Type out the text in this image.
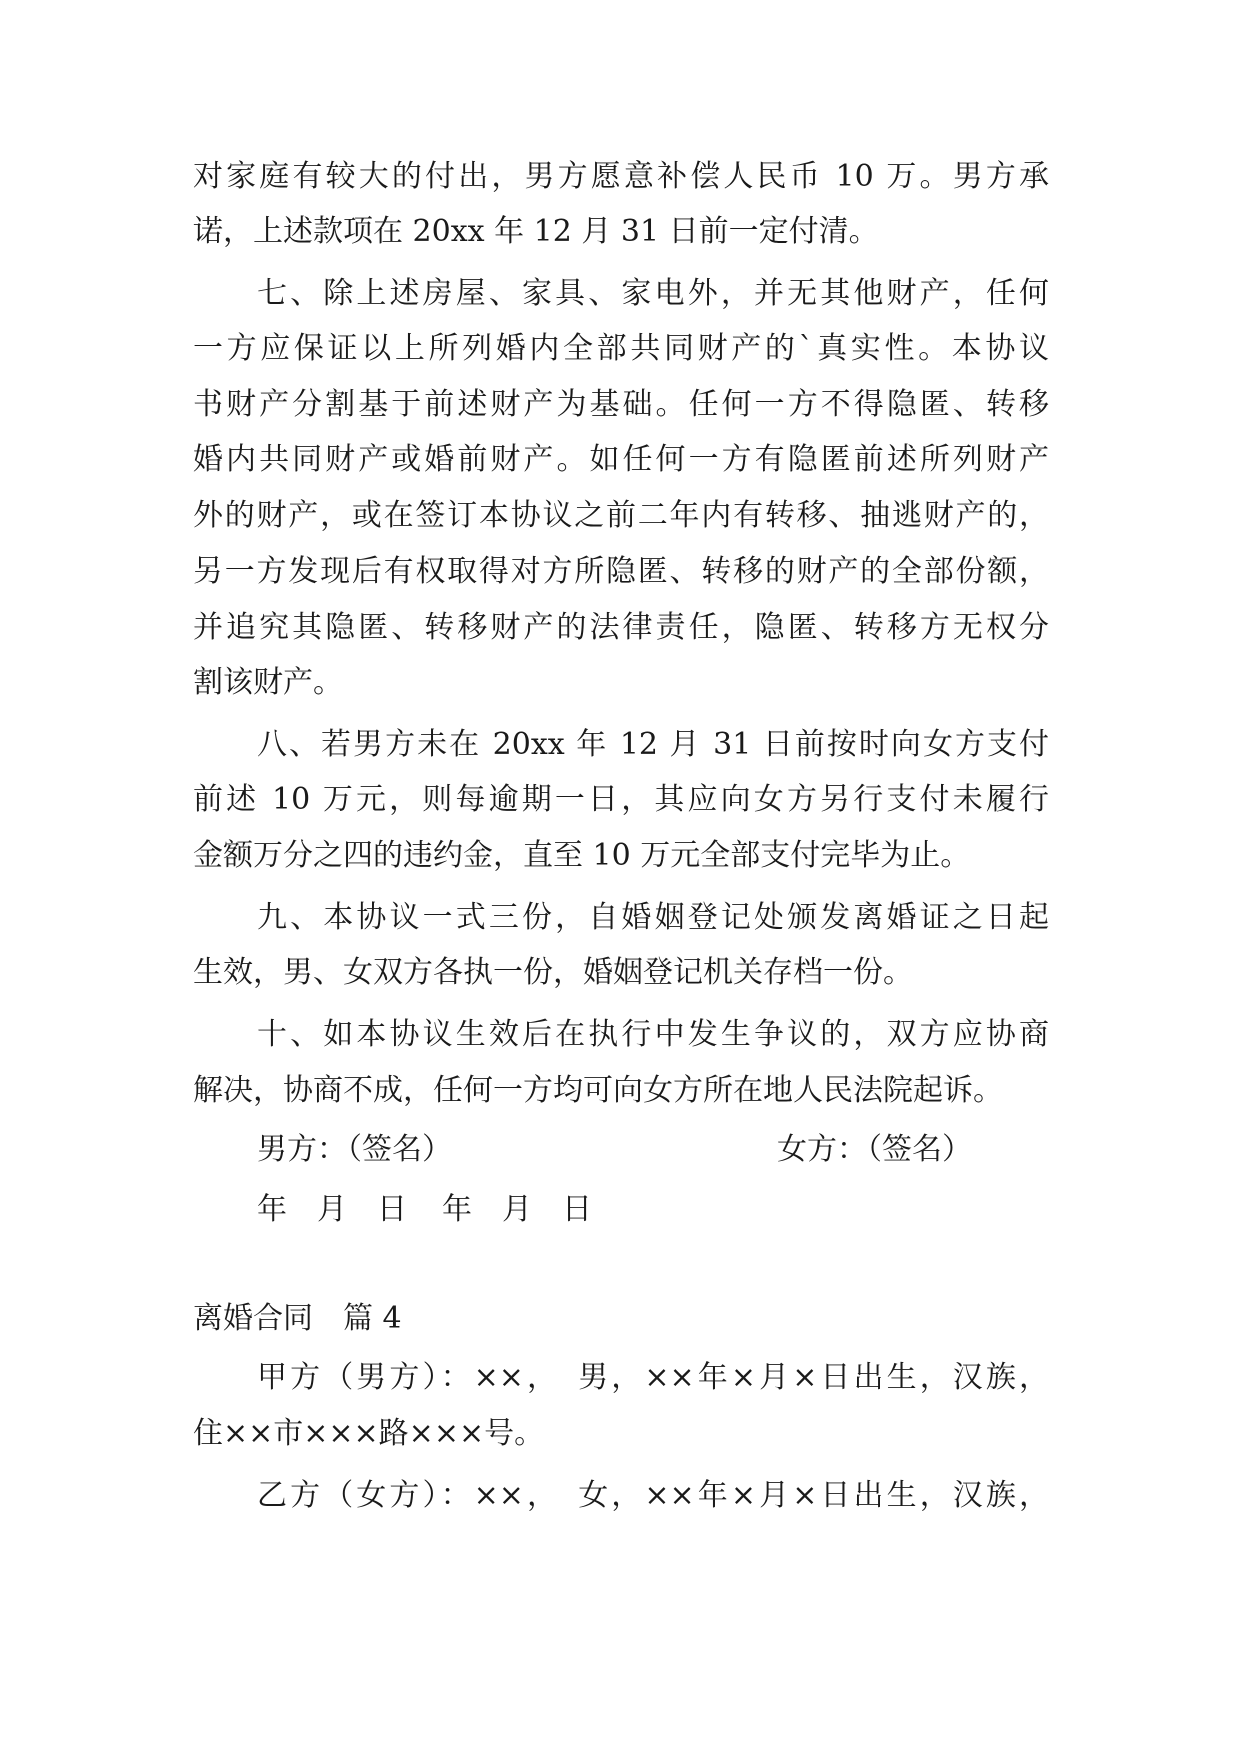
对家庭有较大的付出，男方愿意补偿人民币 10 万。男方承
诺，上述款项在 20xx 年 12 月 31 日前一定付清。
七、除上述房屋、家具、家电外，并无其他财产，任何
一方应保证以上所列婚内全部共同财产的`真实性。本协议
书财产分割基于前述财产为基础。任何一方不得隐匿、转移
婚内共同财产或婚前财产。如任何一方有隐匿前述所列财产
外的财产，或在签订本协议之前二年内有转移、抽逃财产的，
另一方发现后有权取得对方所隐匿、转移的财产的全部份额，
并追究其隐匿、转移财产的法律责任，隐匿、转移方无权分
割该财产。
八、若男方未在 20xx 年 12 月 31 日前按时向女方支付
前述 10 万元，则每逾期一日，其应向女方另行支付未履行
金额万分之四的违约金，直至 10 万元全部支付完毕为止。
九、本协议一式三份，自婚姻登记处颁发离婚证之日起
生效，男、女双方各执一份，婚姻登记机关存档一份。
十、如本协议生效后在执行中发生争议的，双方应协商
解决，协商不成，任何一方均可向女方所在地人民法院起诉。
男方：（签名）	女方：（签名）
年　月　日 年　月　日
离婚合同　篇 4
甲方（男方）：××，　男，××年×月×日出生，汉族，
住××市×××路×××号。
乙方（女方）：××，　女，××年×月×日出生，汉族，
